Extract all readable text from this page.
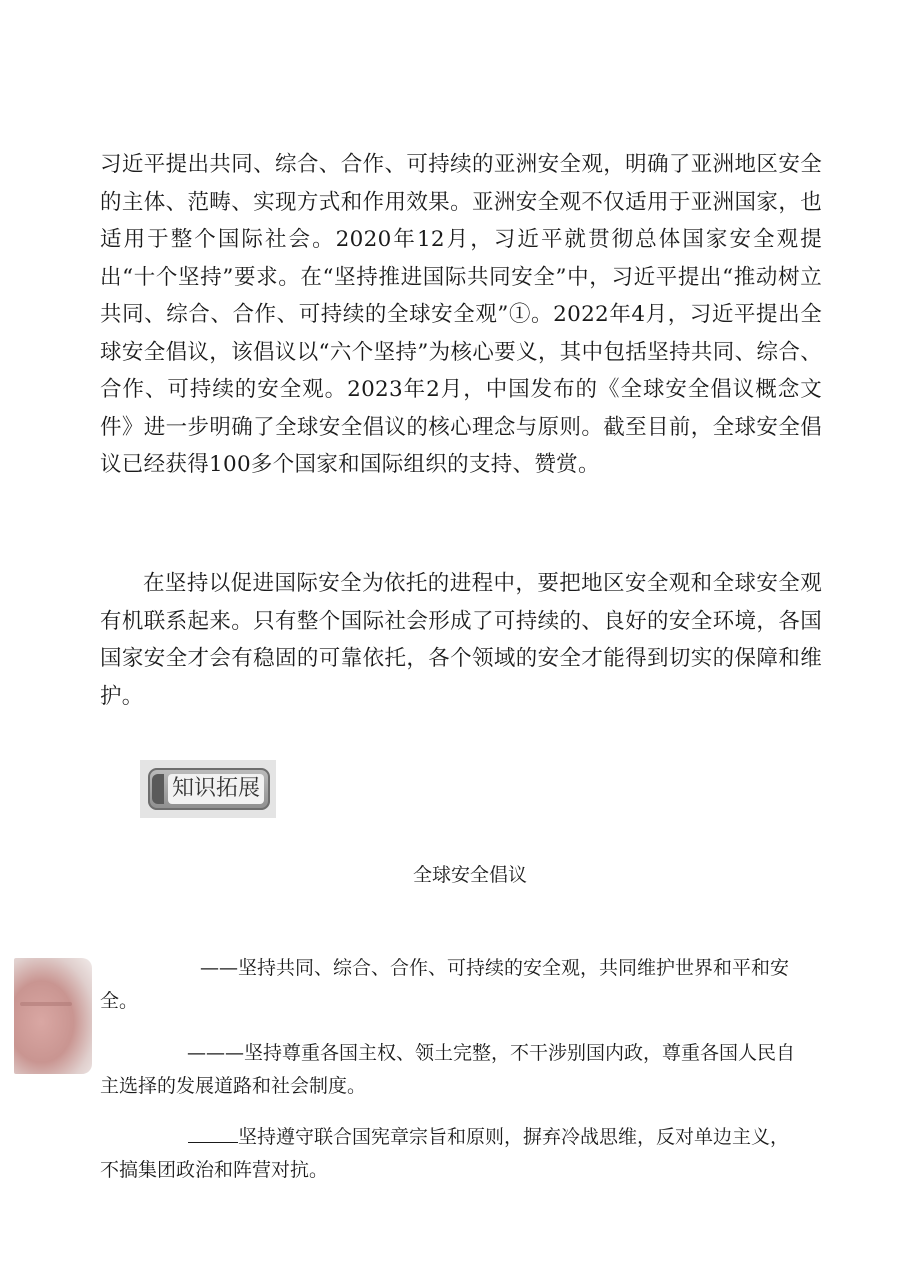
习近平提出共同、综合、合作、可持续的亚洲安全观，明确了亚洲地区安全的主体、范畴、实现方式和作用效果。亚洲安全观不仅适用于亚洲国家，也适用于整个国际社会。2020年12月，习近平就贯彻总体国家安全观提出“十个坚持”要求。在“坚持推进国际共同安全”中，习近平提出“推动树立共同、综合、合作、可持续的全球安全观”①。2022年4月，习近平提出全球安全倡议，该倡议以“六个坚持”为核心要义，其中包括坚持共同、综合、合作、可持续的安全观。2023年2月，中国发布的《全球安全倡议概念文件》进一步明确了全球安全倡议的核心理念与原则。截至目前，全球安全倡议已经获得100多个国家和国际组织的支持、赞赏。

在坚持以促进国际安全为依托的进程中，要把地区安全观和全球安全观有机联系起来。只有整个国际社会形成了可持续的、良好的安全环境，各国国家安全才会有稳固的可靠依托，各个领域的安全才能得到切实的保障和维护。

知识拓展

全球安全倡议

——坚持共同、综合、合作、可持续的安全观，共同维护世界和平和安全。

———坚持尊重各国主权、领土完整，不干涉别国内政，尊重各国人民自主选择的发展道路和社会制度。

坚持遵守联合国宪章宗旨和原则，摒弃冷战思维，反对单边主义，不搞集团政治和阵营对抗。
